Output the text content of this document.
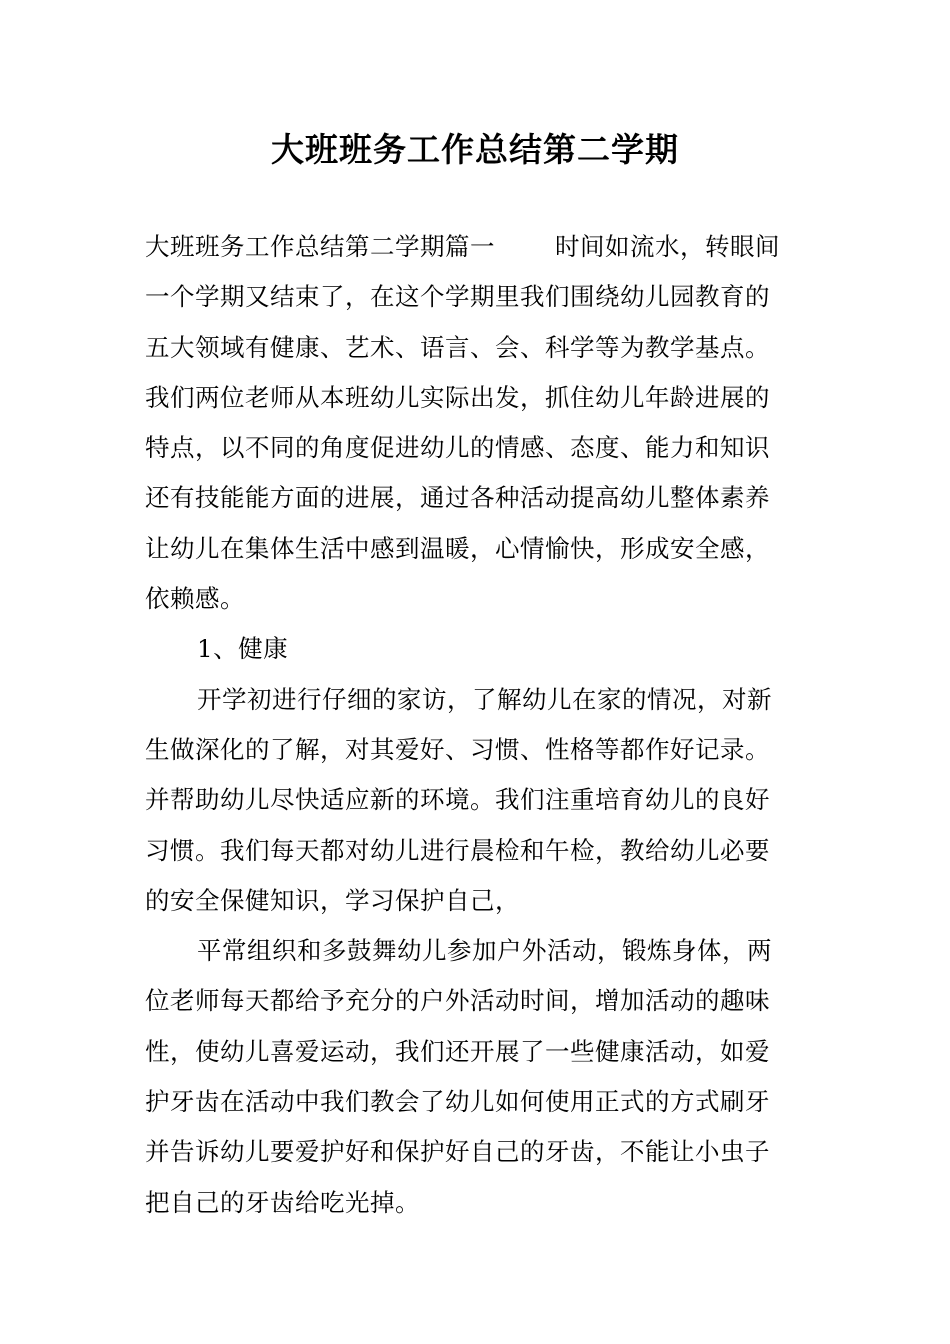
大班班务工作总结第二学期

大班班务工作总结第二学期篇一 时间如流水，转眼间
一个学期又结束了，在这个学期里我们围绕幼儿园教育的
五大领域有健康、艺术、语言、会、科学等为教学基点。
我们两位老师从本班幼儿实际出发，抓住幼儿年龄进展的
特点，以不同的角度促进幼儿的情感、态度、能力和知识
还有技能能方面的进展，通过各种活动提高幼儿整体素养
让幼儿在集体生活中感到温暖，心情愉快，形成安全感，
依赖感。

1、健康

开学初进行仔细的家访，了解幼儿在家的情况，对新
生做深化的了解，对其爱好、习惯、性格等都作好记录。
并帮助幼儿尽快适应新的环境。我们注重培育幼儿的良好
习惯。我们每天都对幼儿进行晨检和午检，教给幼儿必要
的安全保健知识，学习保护自己，

平常组织和多鼓舞幼儿参加户外活动，锻炼身体，两
位老师每天都给予充分的户外活动时间，增加活动的趣味
性，使幼儿喜爱运动，我们还开展了一些健康活动，如爱
护牙齿在活动中我们教会了幼儿如何使用正式的方式刷牙
并告诉幼儿要爱护好和保护好自己的牙齿，不能让小虫子
把自己的牙齿给吃光掉。
